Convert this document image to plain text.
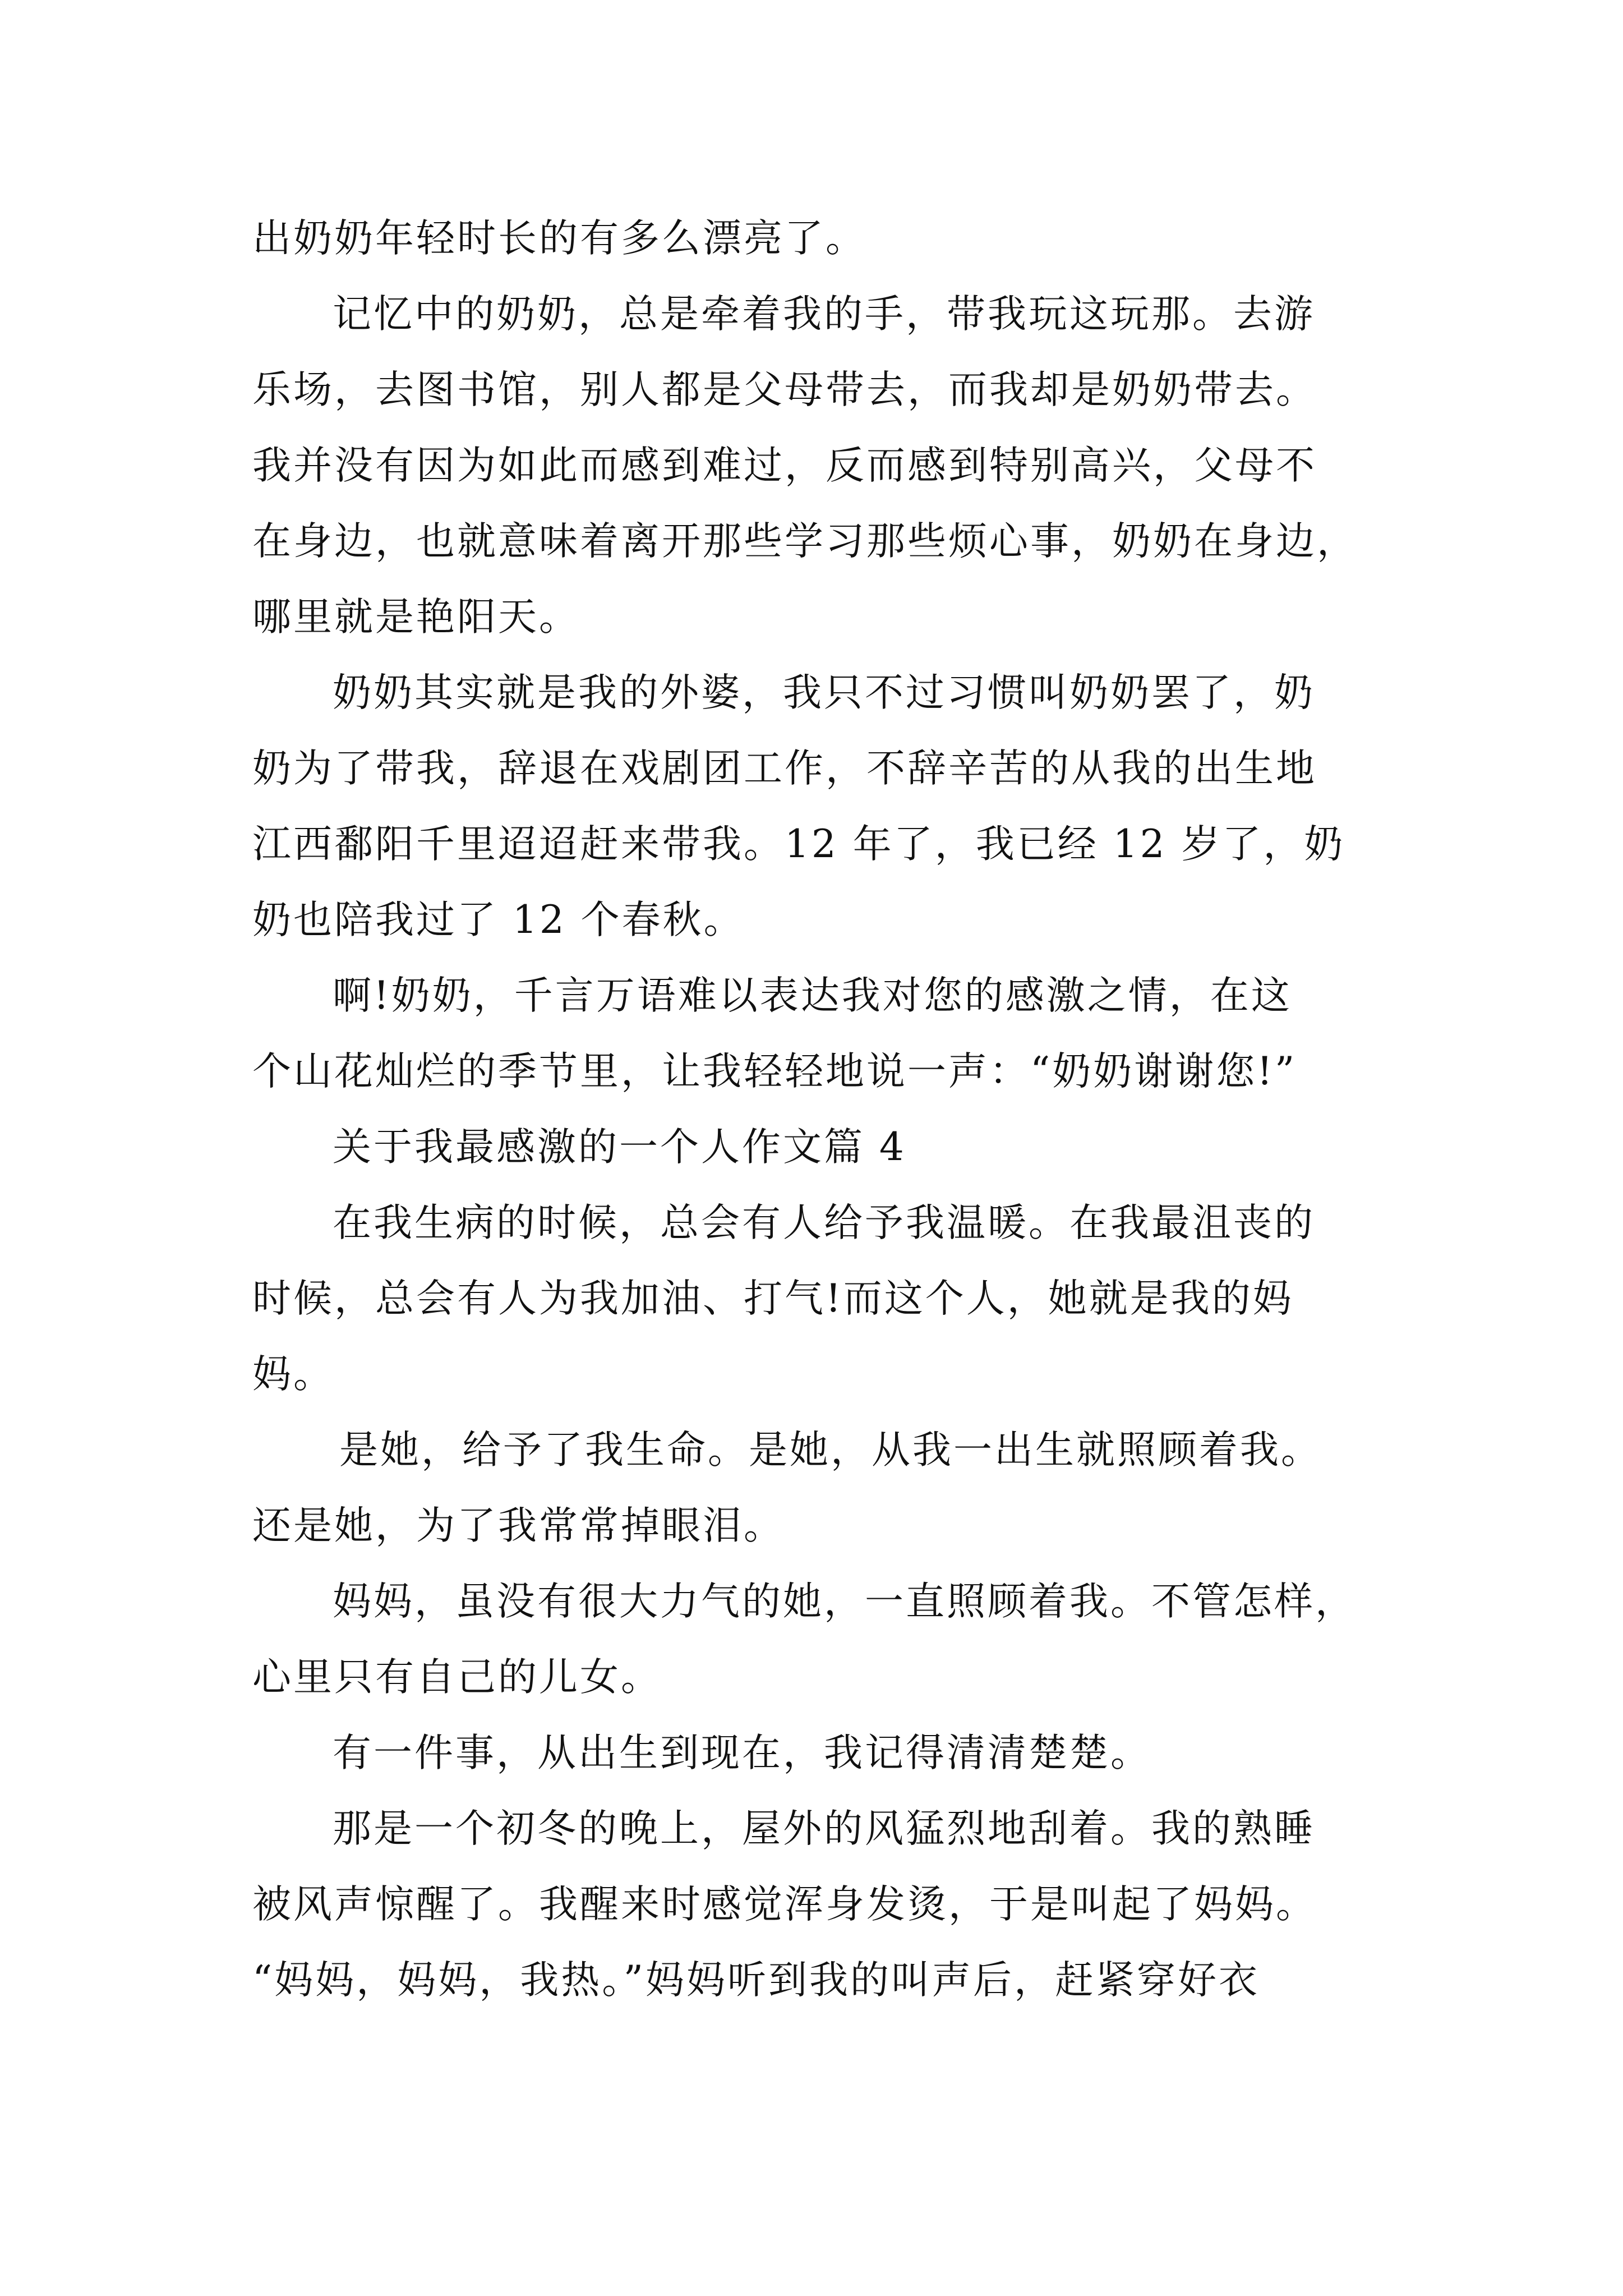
出奶奶年轻时长的有多么漂亮了。
记忆中的奶奶，总是牵着我的手，带我玩这玩那。去游
乐场，去图书馆，别人都是父母带去，而我却是奶奶带去。
我并没有因为如此而感到难过，反而感到特别高兴，父母不
在身边，也就意味着离开那些学习那些烦心事，奶奶在身边，
哪里就是艳阳天。
奶奶其实就是我的外婆，我只不过习惯叫奶奶罢了，奶
奶为了带我，辞退在戏剧团工作，不辞辛苦的从我的出生地
江西鄱阳千里迢迢赶来带我。12 年了，我已经 12 岁了，奶
奶也陪我过了 12 个春秋。
啊!奶奶，千言万语难以表达我对您的感激之情，在这
个山花灿烂的季节里，让我轻轻地说一声：“奶奶谢谢您!”
关于我最感激的一个人作文篇 4
在我生病的时候，总会有人给予我温暖。在我最沮丧的
时候，总会有人为我加油、打气!而这个人，她就是我的妈
妈。
是她，给予了我生命。是她，从我一出生就照顾着我。
还是她，为了我常常掉眼泪。
妈妈，虽没有很大力气的她，一直照顾着我。不管怎样，
心里只有自己的儿女。
有一件事，从出生到现在，我记得清清楚楚。
那是一个初冬的晚上，屋外的风猛烈地刮着。我的熟睡
被风声惊醒了。我醒来时感觉浑身发烫，于是叫起了妈妈。
“妈妈，妈妈，我热。”妈妈听到我的叫声后，赶紧穿好衣
